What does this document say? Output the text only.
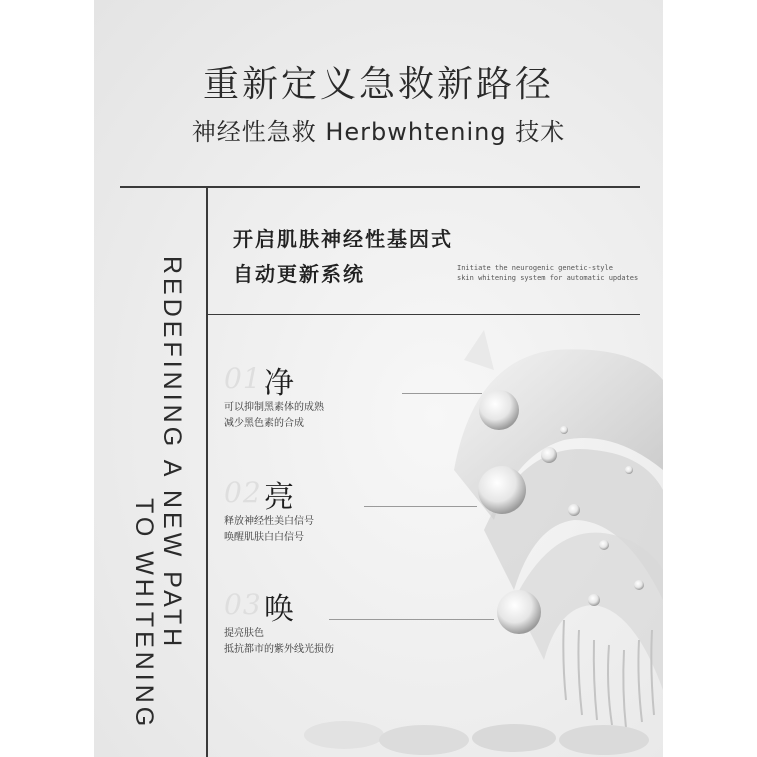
重新定义急救新路径
神经性急救 Herbwhtening 技术
REDEFINING A NEW PATH
TO WHITENING
开启肌肤神经性基因式
自动更新系统	Initiate the neurogenic genetic-style
skin whitening system for automatic updates
01 净
可以抑制黑素体的成熟
减少黑色素的合成
02 亮
释放神经性美白信号
唤醒肌肤白白信号
03 唤
提亮肤色
抵抗都市的紫外线光损伤
